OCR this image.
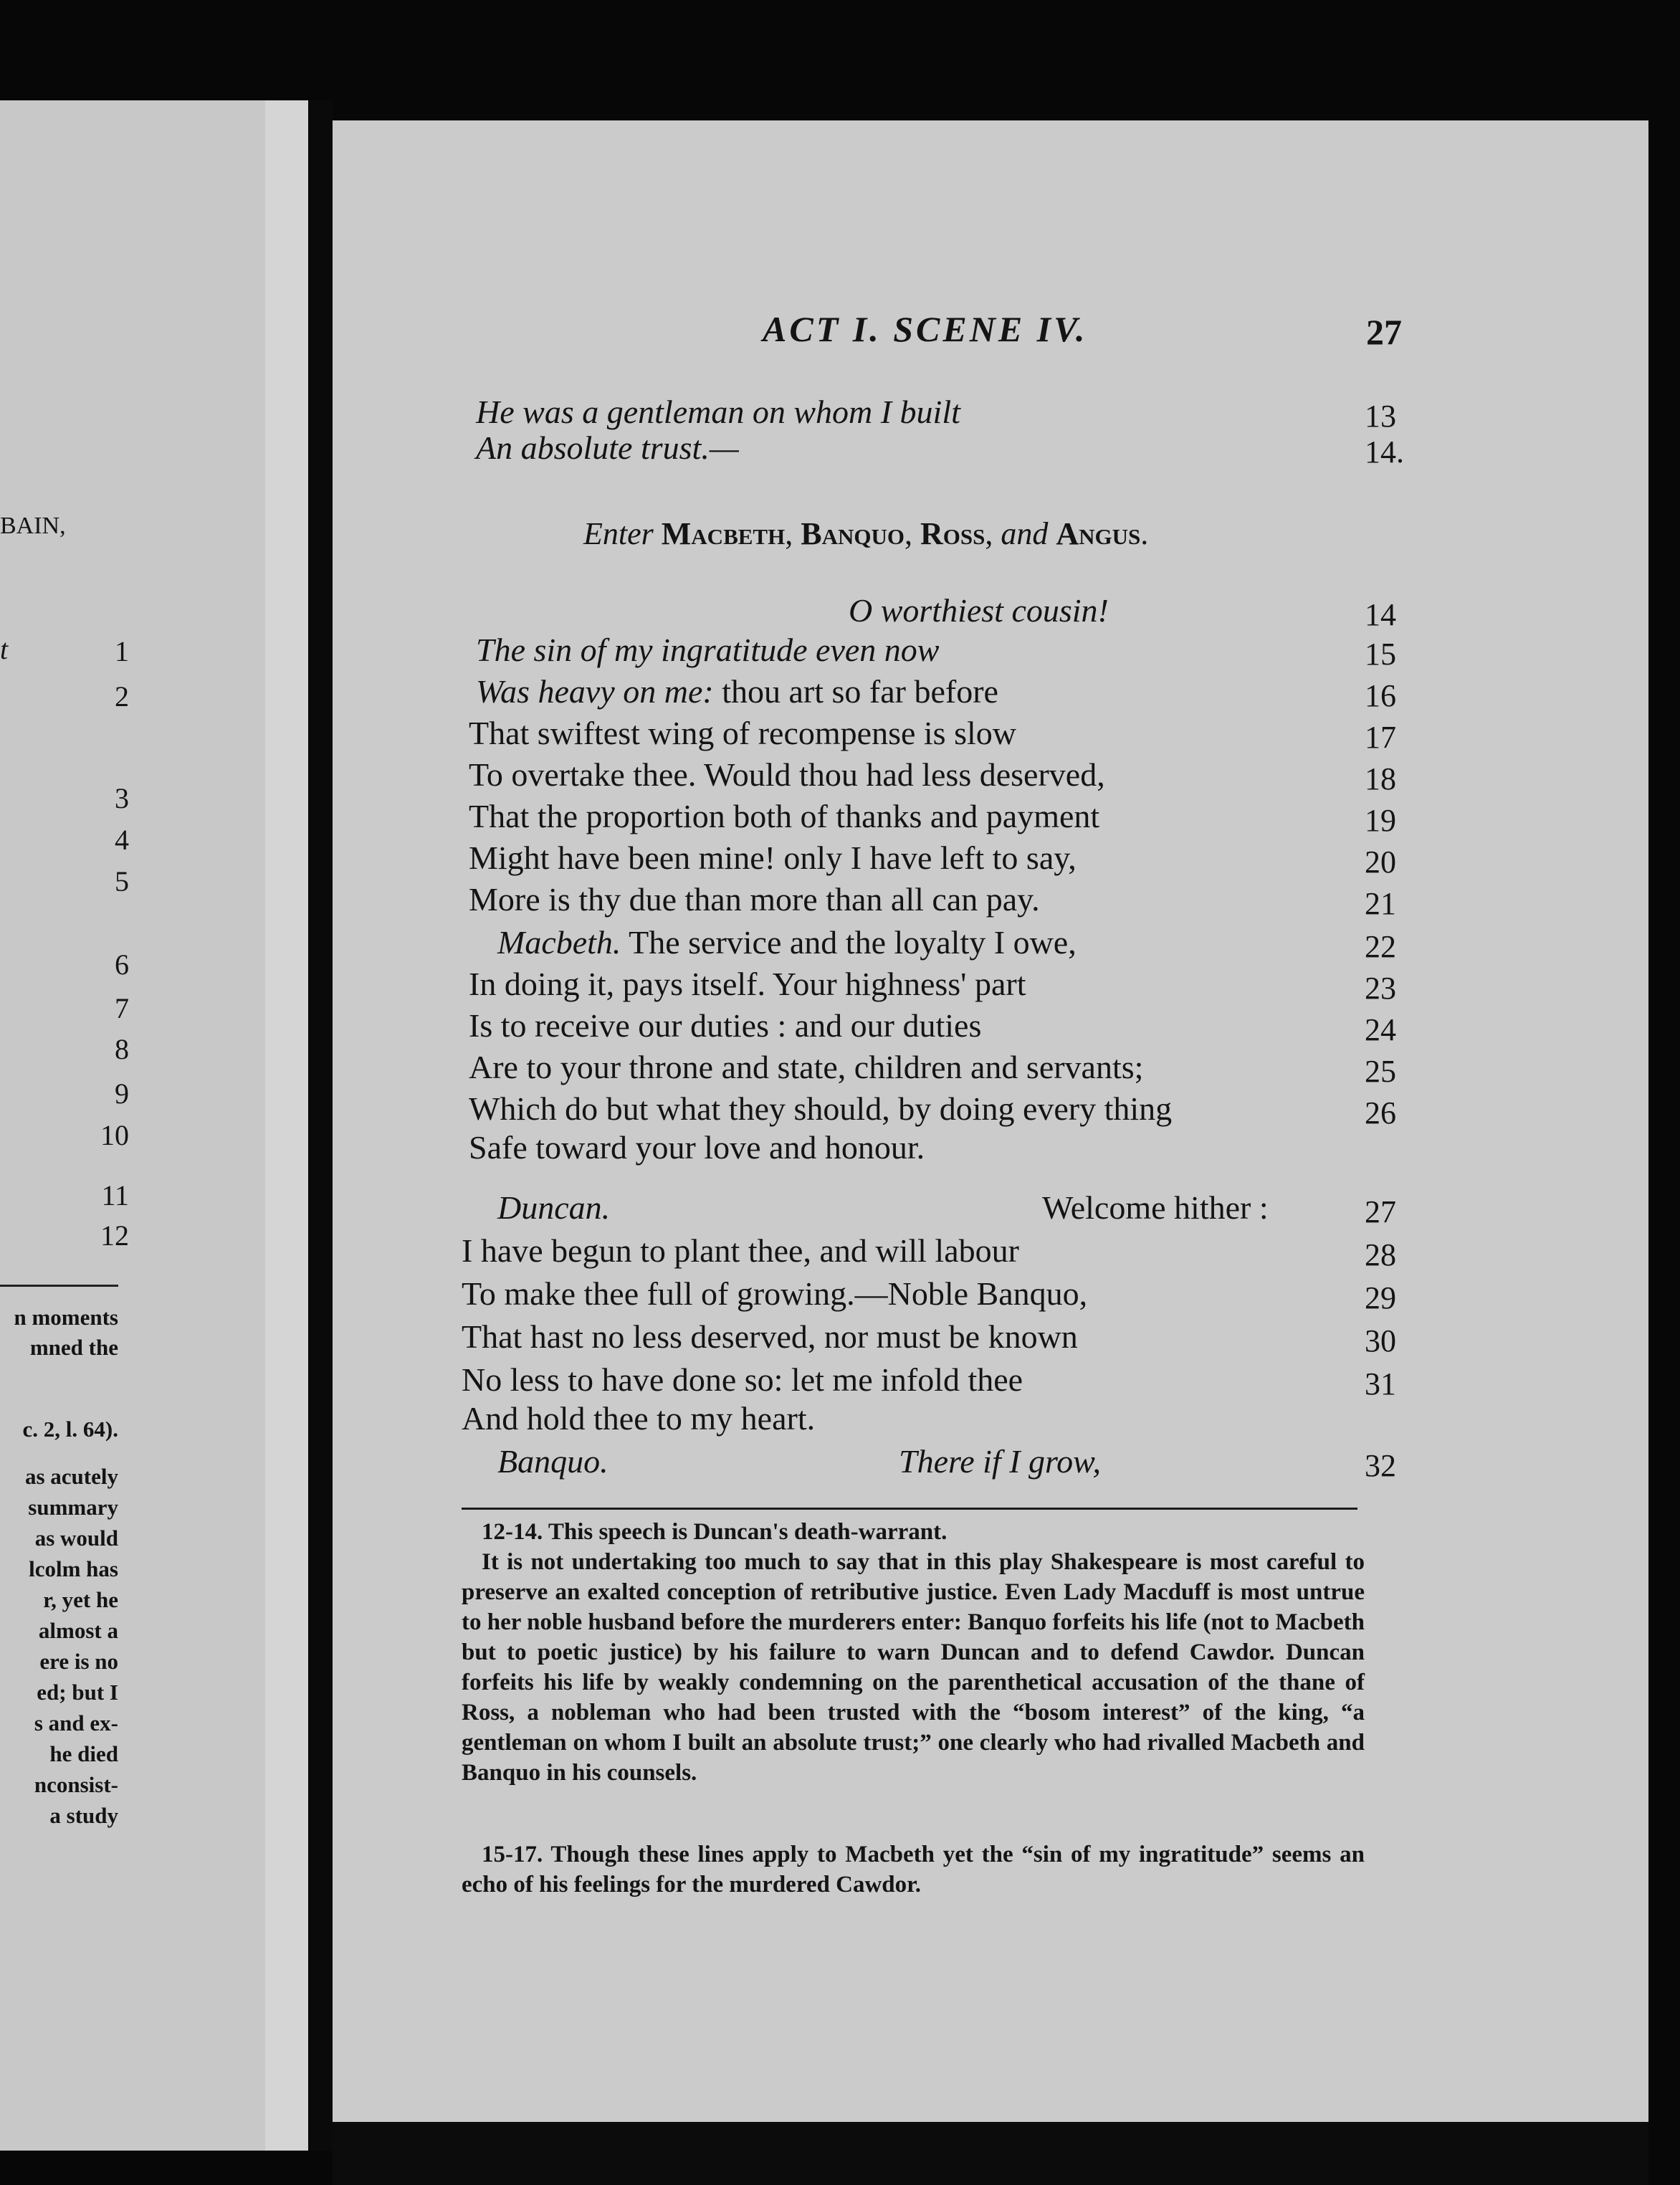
BAIN,
t	1
2
3
4
5
6
7
8
9
10
11
12
n moments
mned the
c. 2, l. 64).
as acutely
summary
as would
lcolm has
r, yet he
almost a
ere is no
ed; but I
s and ex-
he died
nconsist-
a study
ACT I. SCENE IV.	27
He was a gentleman on whom I built	13
An absolute trust.—	14.
Enter Macbeth, Banquo, Ross, and Angus.
O worthiest cousin!	14
The sin of my ingratitude even now	15
Was heavy on me: thou art so far before	16
That swiftest wing of recompense is slow	17
To overtake thee. Would thou had less deserved,	18
That the proportion both of thanks and payment	19
Might have been mine! only I have left to say,	20
More is thy due than more than all can pay.	21
Macbeth. The service and the loyalty I owe,	22
In doing it, pays itself. Your highness' part	23
Is to receive our duties : and our duties	24
Are to your throne and state, children and servants;	25
Which do but what they should, by doing every thing	26
Safe toward your love and honour.
Duncan.	Welcome hither :	27
I have begun to plant thee, and will labour	28
To make thee full of growing.—Noble Banquo,	29
That hast no less deserved, nor must be known	30
No less to have done so: let me infold thee	31
And hold thee to my heart.
Banquo.	There if I grow,	32
12-14. This speech is Duncan's death-warrant.
It is not undertaking too much to say that in this play Shakespeare is most careful to preserve an exalted conception of retributive justice. Even Lady Macduff is most untrue to her noble husband before the murderers enter: Banquo forfeits his life (not to Macbeth but to poetic justice) by his failure to warn Duncan and to defend Cawdor. Duncan forfeits his life by weakly condemning on the parenthetical accusation of the thane of Ross, a nobleman who had been trusted with the “bosom interest” of the king, “a gentleman on whom I built an absolute trust;” one clearly who had rivalled Macbeth and Banquo in his counsels.
15-17. Though these lines apply to Macbeth yet the “sin of my ingratitude” seems an echo of his feelings for the murdered Cawdor.
